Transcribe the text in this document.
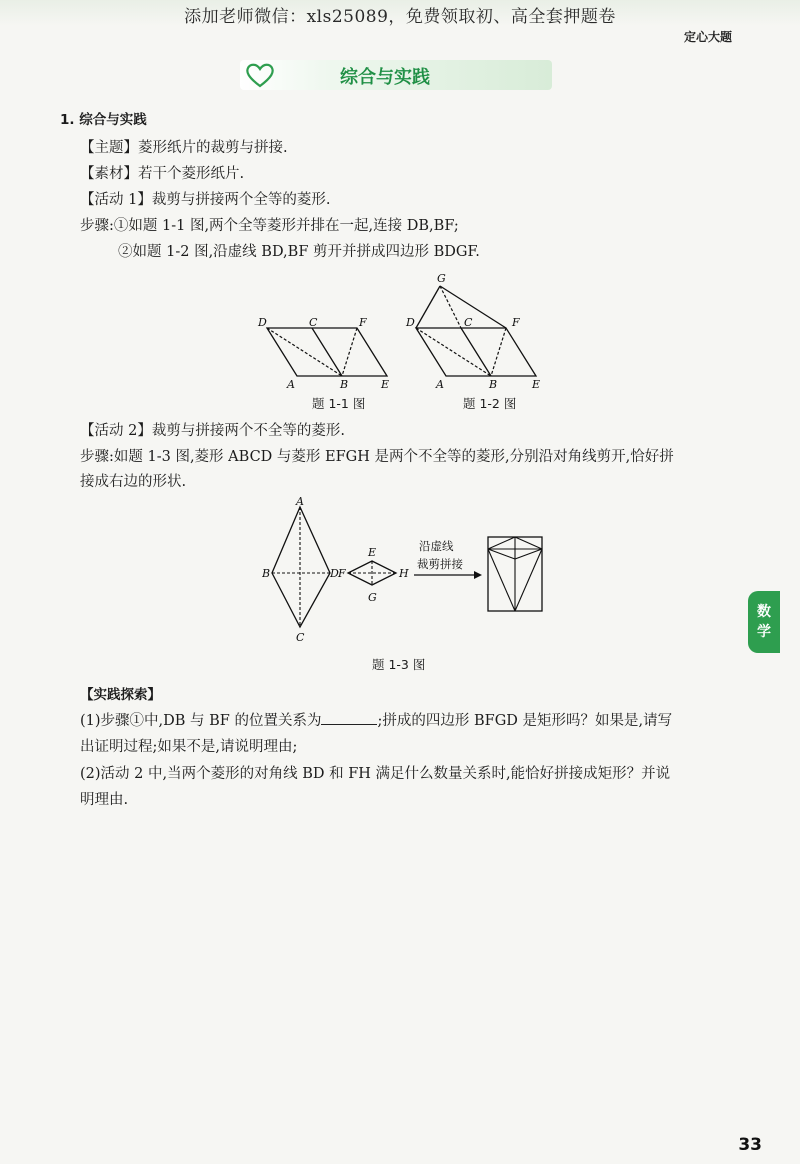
添加老师微信：xls25089，免费领取初、高全套押题卷
定心大题
综合与实践
1. 综合与实践
【主题】菱形纸片的裁剪与拼接.
【素材】若干个菱形纸片.
【活动 1】裁剪与拼接两个全等的菱形.
步骤:①如题 1-1 图,两个全等菱形并排在一起,连接 DB,BF;
②如题 1-2 图,沿虚线 BD,BF 剪开并拼成四边形 BDGF.
【活动 2】裁剪与拼接两个不全等的菱形.
步骤:如题 1-3 图,菱形 ABCD 与菱形 EFGH 是两个不全等的菱形,分别沿对角线剪开,恰好拼
接成右边的形状.
【实践探索】
(1)步骤①中,DB 与 BF 的位置关系为	;拼成的四边形 BFGD 是矩形吗？如果是,请写
出证明过程;如果不是,请说明理由;
(2)活动 2 中,当两个菱形的对角线 BD 和 FH 满足什么数量关系时,能恰好拼接成矩形？并说
明理由.
D	C	F
A	B	E
题 1-1 图
G
D	C	F
A	B	E
题 1-2 图
A
B
C
D
E
F
G
H
沿虚线
裁剪拼接
题 1-3 图
数
学
33
